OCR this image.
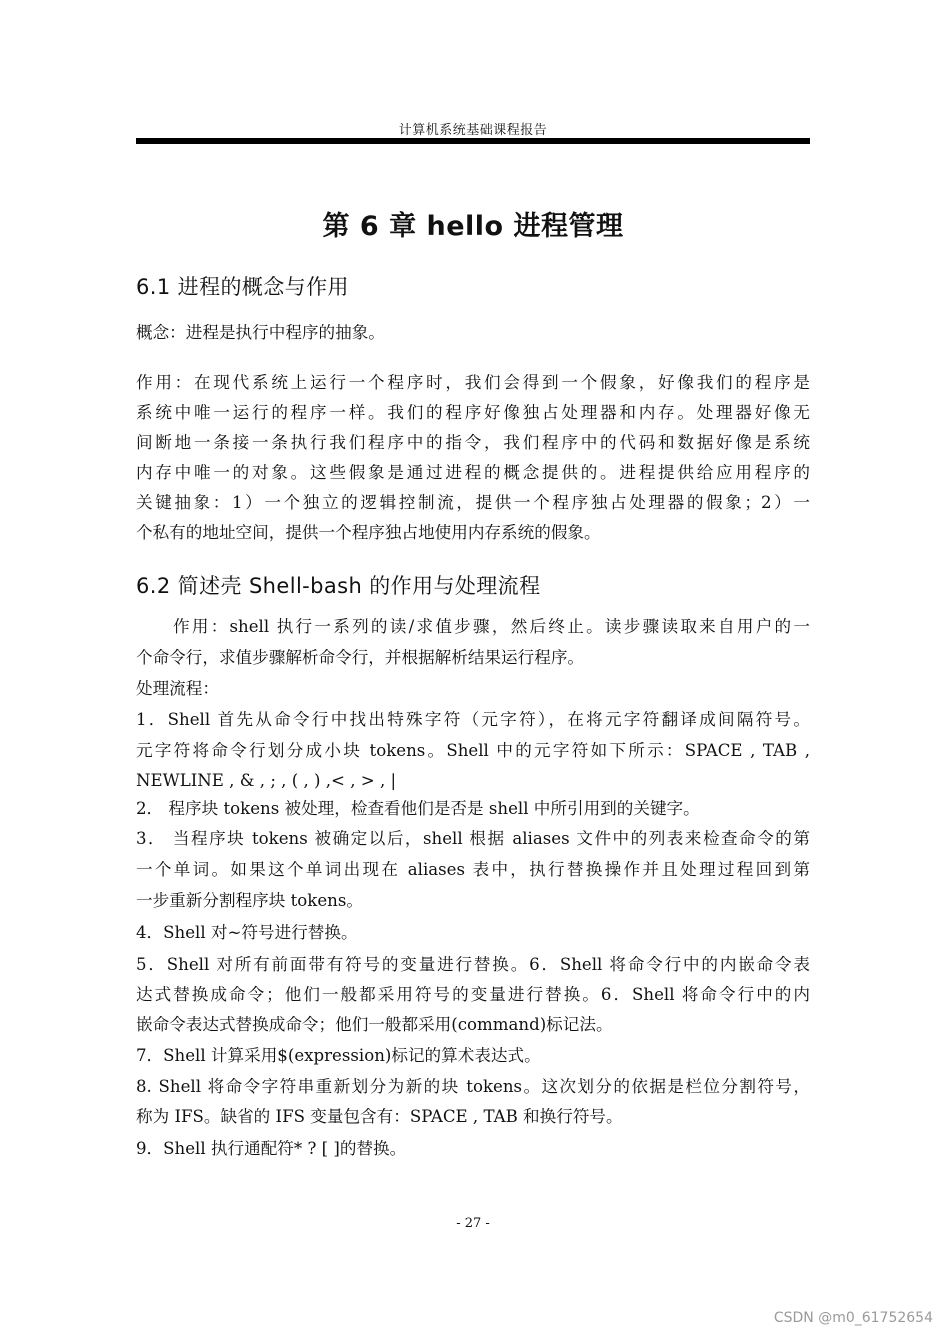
计算机系统基础课程报告
第 6 章 hello 进程管理
6.1 进程的概念与作用
概念：进程是执行中程序的抽象。
作用：在现代系统上运行一个程序时，我们会得到一个假象，好像我们的程序是
系统中唯一运行的程序一样。我们的程序好像独占处理器和内存。处理器好像无
间断地一条接一条执行我们程序中的指令，我们程序中的代码和数据好像是系统
内存中唯一的对象。这些假象是通过进程的概念提供的。进程提供给应用程序的
关键抽象：1）一个独立的逻辑控制流，提供一个程序独占处理器的假象；2）一
个私有的地址空间，提供一个程序独占地使用内存系统的假象。
6.2 简述壳 Shell-bash 的作用与处理流程
作用：shell 执行一系列的读/求值步骤，然后终止。读步骤读取来自用户的一
个命令行，求值步骤解析命令行，并根据解析结果运行程序。
处理流程：
1．Shell 首先从命令行中找出特殊字符（元字符），在将元字符翻译成间隔符号。
元字符将命令行划分成小块 tokens。Shell 中的元字符如下所示：SPACE , TAB ,
NEWLINE , & , ; , ( , ) ,< , > , |
2． 程序块 tokens 被处理，检查看他们是否是 shell 中所引用到的关键字。
3． 当程序块 tokens 被确定以后，shell 根据 aliases 文件中的列表来检查命令的第
一个单词。如果这个单词出现在 aliases 表中，执行替换操作并且处理过程回到第
一步重新分割程序块 tokens。
4．Shell 对~符号进行替换。
5．Shell 对所有前面带有符号的变量进行替换。6．Shell 将命令行中的内嵌命令表
达式替换成命令；他们一般都采用符号的变量进行替换。6．Shell 将命令行中的内
嵌命令表达式替换成命令；他们一般都采用(command)标记法。
7．Shell 计算采用$(expression)标记的算术表达式。
8. Shell 将命令字符串重新划分为新的块 tokens。这次划分的依据是栏位分割符号，
称为 IFS。缺省的 IFS 变量包含有：SPACE , TAB 和换行符号。
9．Shell 执行通配符* ? [ ]的替换。
- 27 -
CSDN @m0_61752654
